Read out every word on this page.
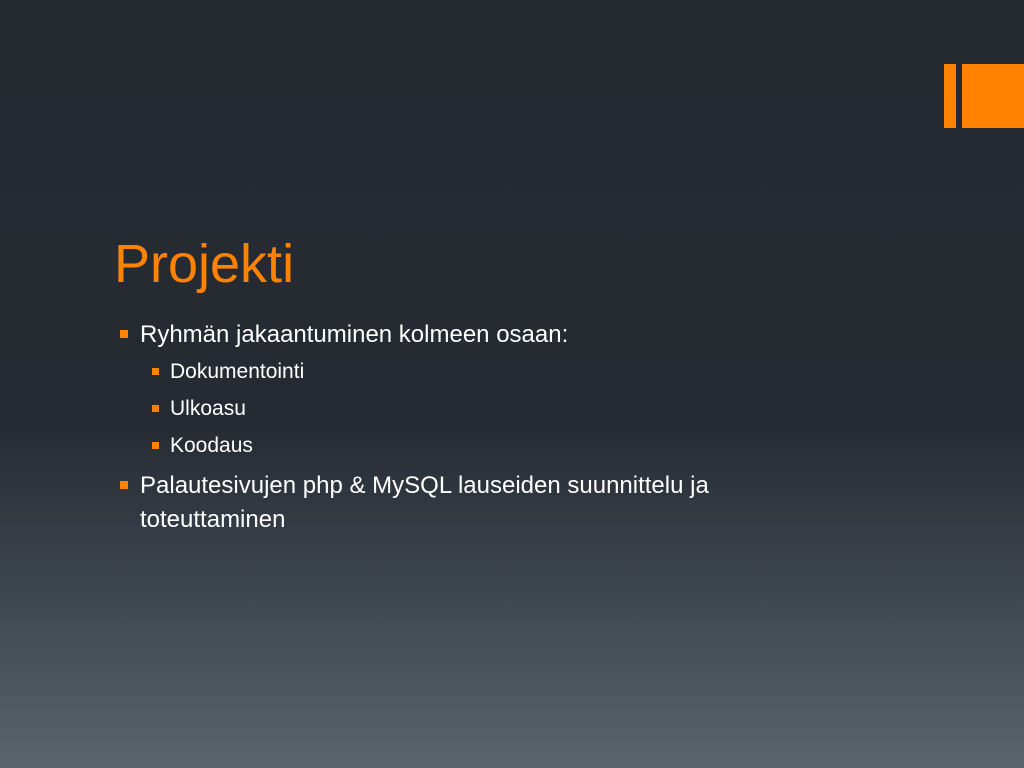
Projekti
Ryhmän jakaantuminen kolmeen osaan:
Dokumentointi
Ulkoasu
Koodaus
Palautesivujen php & MySQL lauseiden suunnittelu ja toteuttaminen
